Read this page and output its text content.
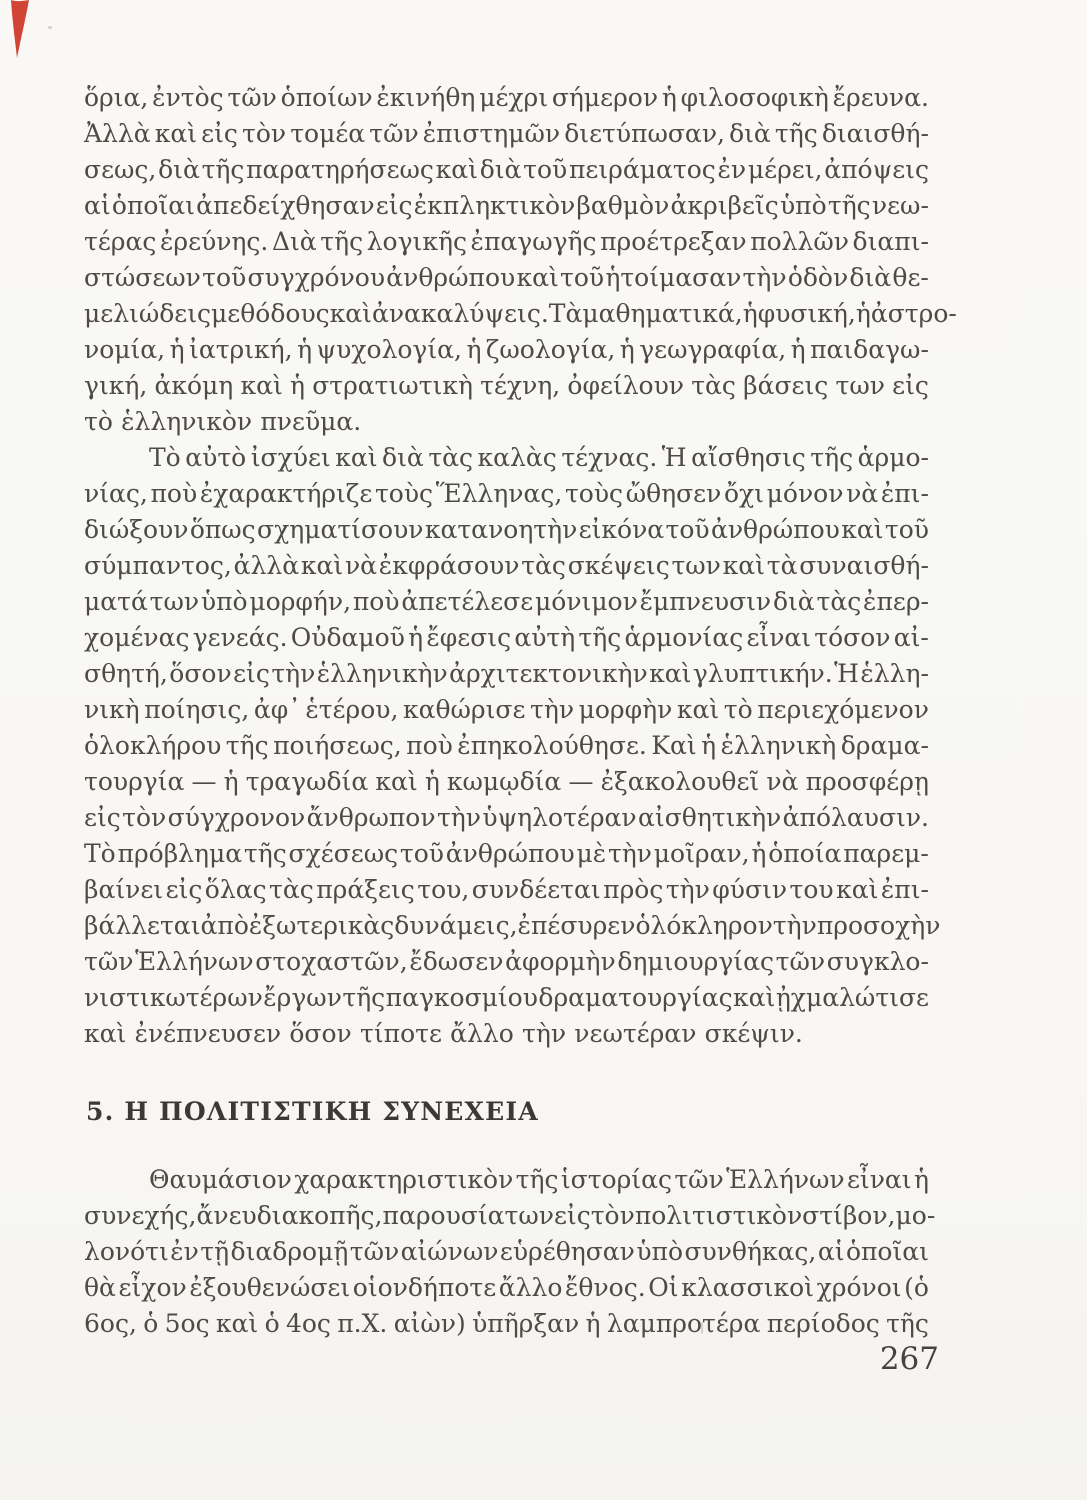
ὅρια, ἐντὸς τῶν ὁποίων ἐκινήθη μέχρι σήμερον ἡ φιλοσοφικὴ ἔρευνα.
Ἀλλὰ καὶ εἰς τὸν τομέα τῶν ἐπιστημῶν διετύπωσαν, διὰ τῆς διαισθή-
σεως, διὰ τῆς παρατηρήσεως καὶ διὰ τοῦ πειράματος ἐν μέρει, ἀπόψεις
αἱ ὁποῖαι ἀπεδείχθησαν εἰς ἐκπληκτικὸν βαθμὸν ἀκριβεῖς ὑπὸ τῆς νεω-
τέρας ἐρεύνης. Διὰ τῆς λογικῆς ἐπαγωγῆς προέτρεξαν πολλῶν διαπι-
στώσεων τοῦ συγχρόνου ἀνθρώπου καὶ τοῦ ἡτοίμασαν τὴν ὁδὸν διὰ θε-
μελιώδεις μεθόδους καὶ ἀνακαλύψεις. Τὰ μαθηματικά, ἡ φυσική, ἡ ἀστρο-
νομία, ἡ ἰατρική, ἡ ψυχολογία, ἡ ζωολογία, ἡ γεωγραφία, ἡ παιδαγω-
γική, ἀκόμη καὶ ἡ στρατιωτικὴ τέχνη, ὀφείλουν τὰς βάσεις των εἰς
τὸ ἑλληνικὸν πνεῦμα.
Τὸ αὐτὸ ἰσχύει καὶ διὰ τὰς καλὰς τέχνας. Ἡ αἴσθησις τῆς ἁρμο-
νίας, ποὺ ἐχαρακτήριζε τοὺς Ἕλληνας, τοὺς ὤθησεν ὄχι μόνον νὰ ἐπι-
διώξουν ὅπως σχηματίσουν κατανοητὴν εἰκόνα τοῦ ἀνθρώπου καὶ τοῦ
σύμπαντος, ἀλλὰ καὶ νὰ ἐκφράσουν τὰς σκέψεις των καὶ τὰ συναισθή-
ματά των ὑπὸ μορφήν, ποὺ ἀπετέλεσε μόνιμον ἔμπνευσιν διὰ τὰς ἐπερ-
χομένας γενεάς. Οὐδαμοῦ ἡ ἔφεσις αὐτὴ τῆς ἁρμονίας εἶναι τόσον αἰ-
σθητή, ὅσον εἰς τὴν ἑλληνικὴν ἀρχιτεκτονικὴν καὶ γλυπτικήν. Ἡ ἑλλη-
νικὴ ποίησις, ἀφ᾽ ἑτέρου, καθώρισε τὴν μορφὴν καὶ τὸ περιεχόμενον
ὁλοκλήρου τῆς ποιήσεως, ποὺ ἐπηκολούθησε. Καὶ ἡ ἑλληνικὴ δραμα-
τουργία — ἡ τραγωδία καὶ ἡ κωμῳδία — ἐξακολουθεῖ νὰ προσφέρῃ
εἰς τὸν σύγχρονον ἄνθρωπον τὴν ὑψηλοτέραν αἰσθητικὴν ἀπόλαυσιν.
Τὸ πρόβλημα τῆς σχέσεως τοῦ ἀνθρώπου μὲ τὴν μοῖραν, ἡ ὁποία παρεμ-
βαίνει εἰς ὅλας τὰς πράξεις του, συνδέεται πρὸς τὴν φύσιν του καὶ ἐπι-
βάλλεται ἀπὸ ἐξωτερικὰς δυνάμεις, ἐπέσυρεν ὁλόκληρον τὴν προσοχὴν
τῶν Ἑλλήνων στοχαστῶν, ἔδωσεν ἀφορμὴν δημιουργίας τῶν συγκλο-
νιστικωτέρων ἔργων τῆς παγκοσμίου δραματουργίας καὶ ᾐχμαλώτισε
καὶ ἐνέπνευσεν ὅσον τίποτε ἄλλο τὴν νεωτέραν σκέψιν.
5. Η ΠΟΛΙΤΙΣΤΙΚΗ ΣΥΝΕΧΕΙΑ
Θαυμάσιον χαρακτηριστικὸν τῆς ἱστορίας τῶν Ἑλλήνων εἶναι ἡ
συνεχής, ἄνευ διακοπῆς, παρουσία των εἰς τὸν πολιτιστικὸν στίβον, μο-
λονότι ἐν τῇ διαδρομῇ τῶν αἰώνων εὑρέθησαν ὑπὸ συνθήκας, αἱ ὁποῖαι
θὰ εἶχον ἐξουθενώσει οἱονδήποτε ἄλλο ἔθνος. Οἱ κλασσικοὶ χρόνοι (ὁ
6ος, ὁ 5ος καὶ ὁ 4ος π.Χ. αἰὼν) ὑπῆρξαν ἡ λαμπροτέρα περίοδος τῆς
267
